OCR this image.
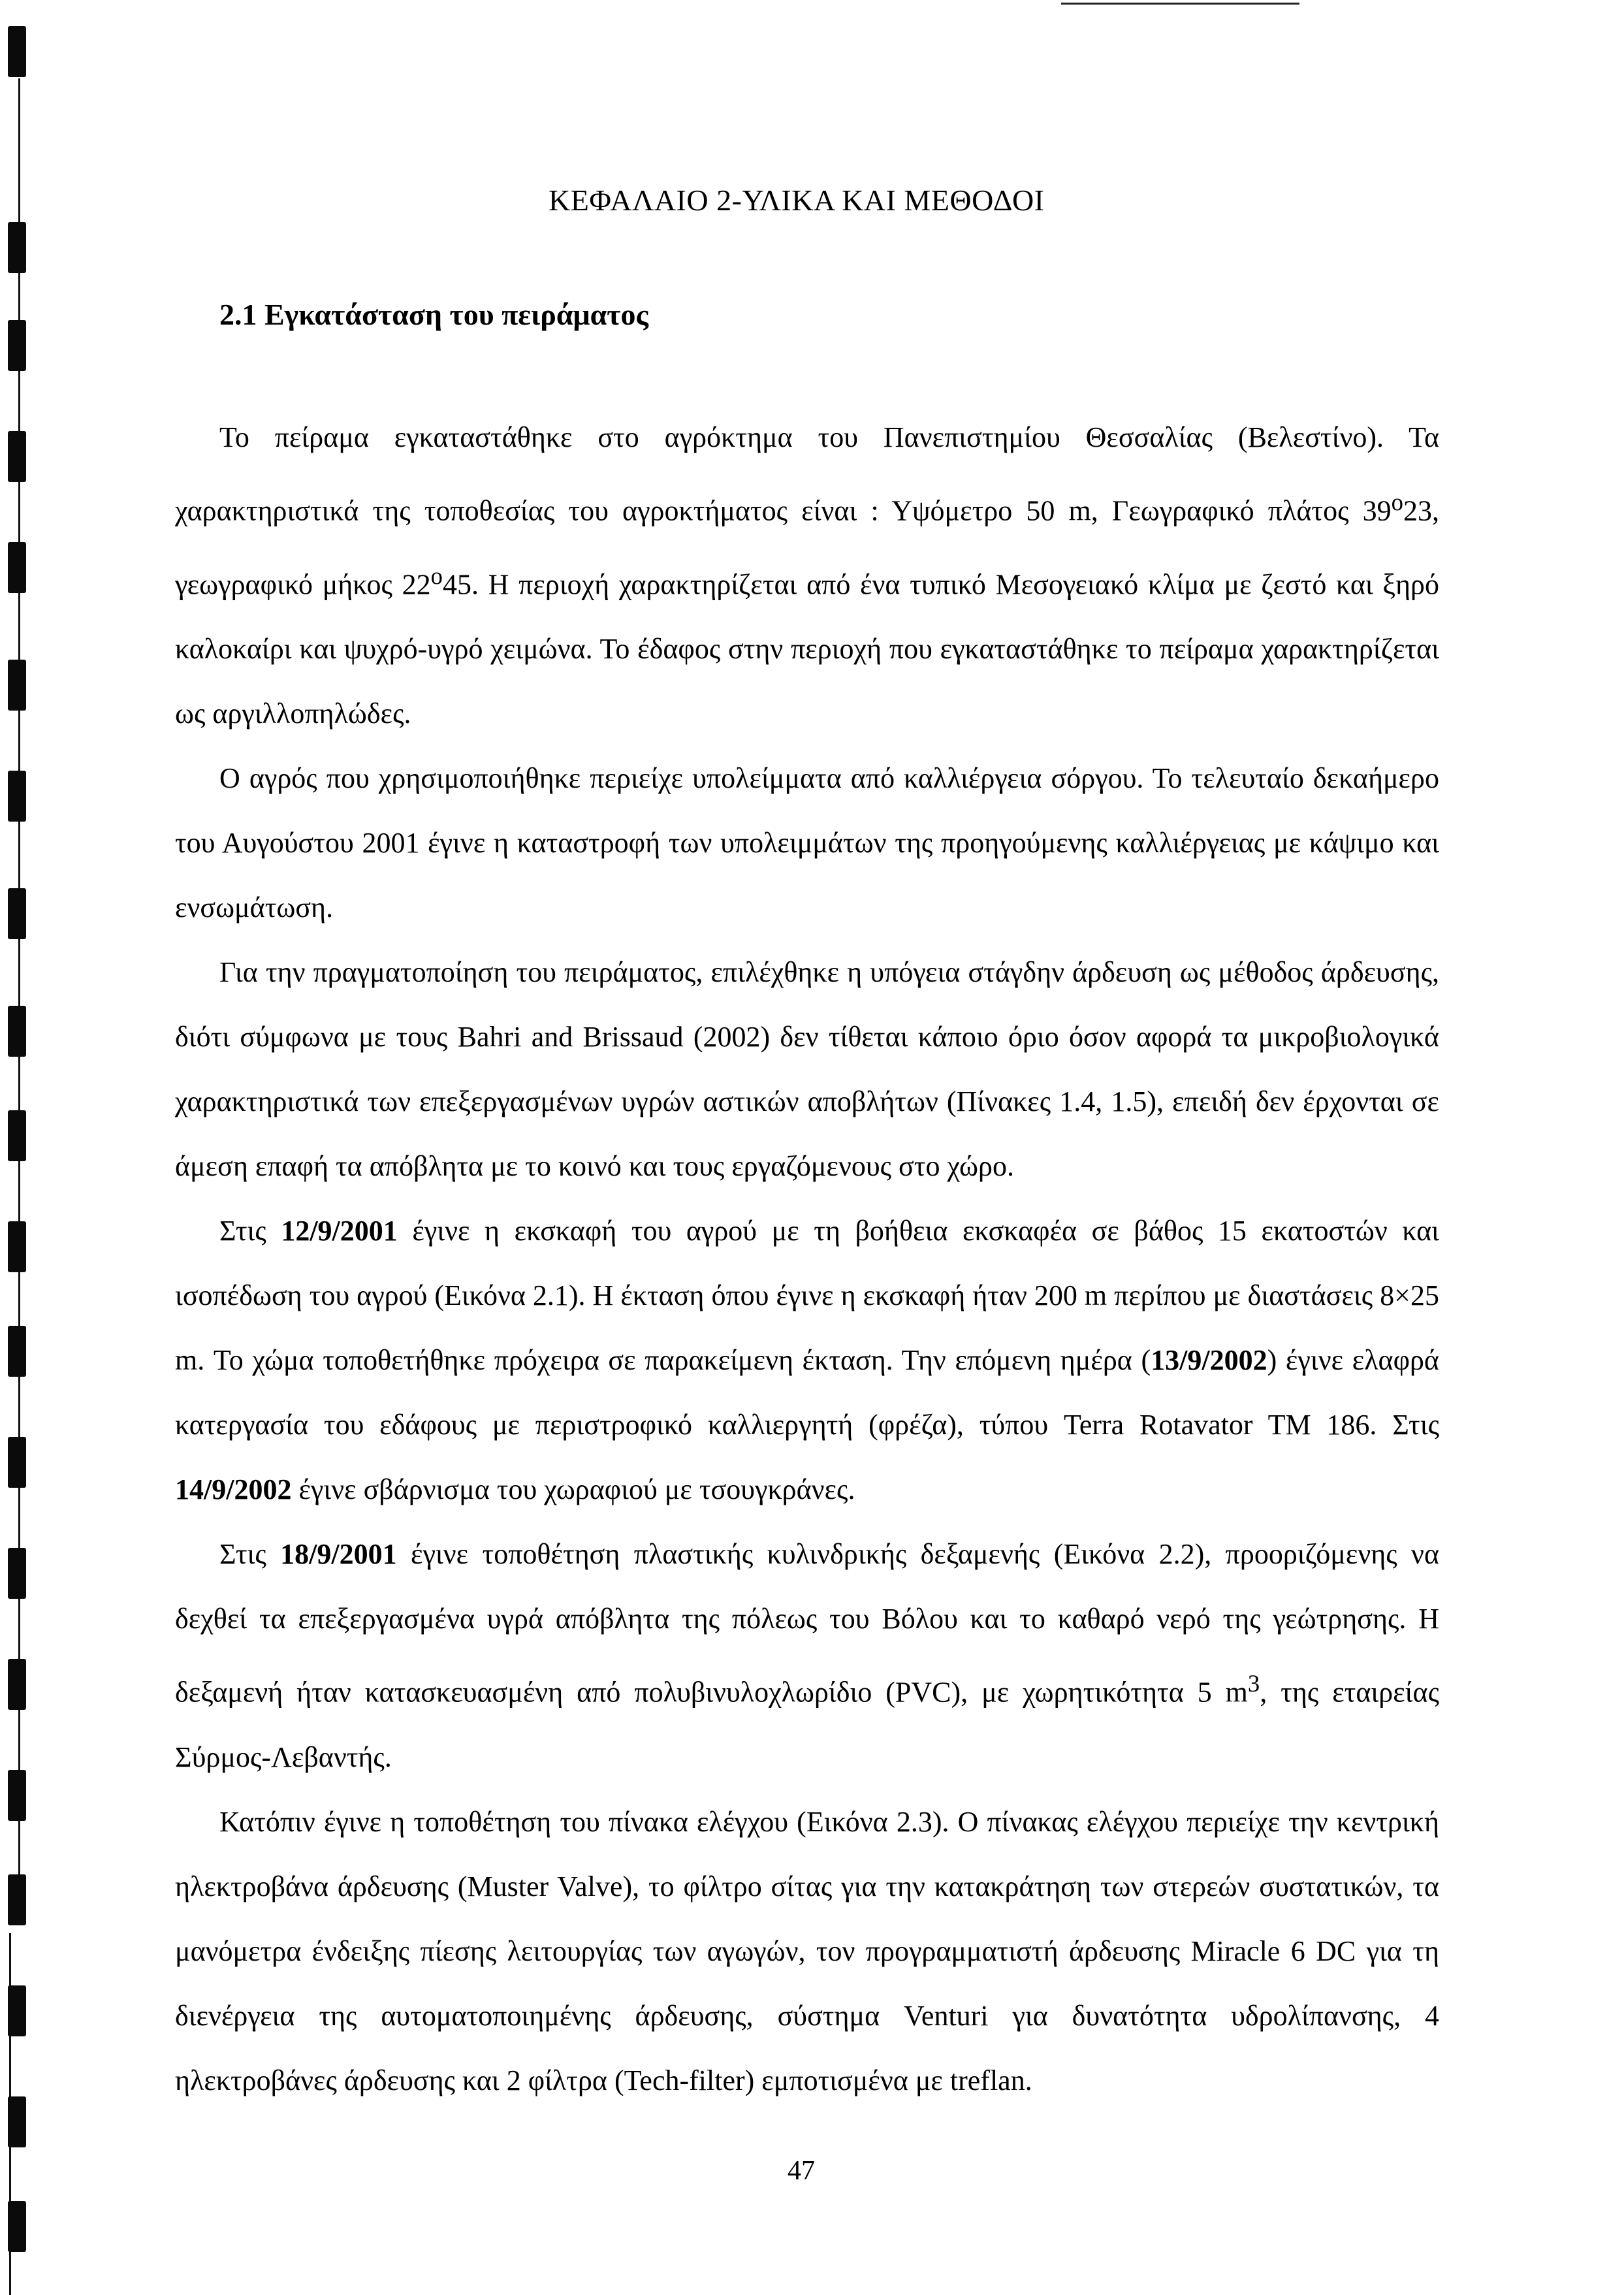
ΚΕΦΑΛΑΙΟ 2-ΥΛΙΚΑ ΚΑΙ ΜΕΘΟΔΟΙ
2.1 Εγκατάσταση του πειράματος

Το πείραμα εγκαταστάθηκε στο αγρόκτημα του Πανεπιστημίου Θεσσαλίας (Βελεστίνο). Τα χαρακτηριστικά της τοποθεσίας του αγροκτήματος είναι : Υψόμετρο 50 m, Γεωγραφικό πλάτος $39^o23$, γεωγραφικό μήκος $22^o45$. Η περιοχή χαρακτηρίζεται από ένα τυπικό Μεσογειακό κλίμα με ζεστό και ξηρό καλοκαίρι και ψυχρό-υγρό χειμώνα. Το έδαφος στην περιοχή που εγκαταστάθηκε το πείραμα χαρακτηρίζεται ως αργιλλοπηλώδες.

Ο αγρός που χρησιμοποιήθηκε περιείχε υπολείμματα από καλλιέργεια σόργου. Το τελευταίο δεκαήμερο του Αυγούστου 2001 έγινε η καταστροφή των υπολειμμάτων της προηγούμενης καλλιέργειας με κάψιμο και ενσωμάτωση.

Για την πραγματοποίηση του πειράματος, επιλέχθηκε η υπόγεια στάγδην άρδευση ως μέθοδος άρδευσης, διότι σύμφωνα με τους Bahri and Brissaud (2002) δεν τίθεται κάποιο όριο όσον αφορά τα μικροβιολογικά χαρακτηριστικά των επεξεργασμένων υγρών αστικών αποβλήτων (Πίνακες 1.4, 1.5), επειδή δεν έρχονται σε άμεση επαφή τα απόβλητα με το κοινό και τους εργαζόμενους στο χώρο.

Στις 12/9/2001 έγινε η εκσκαφή του αγρού με τη βοήθεια εκσκαφέα σε βάθος 15 εκατοστών και ισοπέδωση του αγρού (Εικόνα 2.1). Η έκταση όπου έγινε η εκσκαφή ήταν 200 m περίπου με διαστάσεις 8×25 m. Το χώμα τοποθετήθηκε πρόχειρα σε παρακείμενη έκταση. Την επόμενη ημέρα (13/9/2002) έγινε ελαφρά κατεργασία του εδάφους με περιστροφικό καλλιεργητή (φρέζα), τύπου Terra Rotavator TM 186. Στις 14/9/2002 έγινε σβάρνισμα του χωραφιού με τσουγκράνες.

Στις 18/9/2001 έγινε τοποθέτηση πλαστικής κυλινδρικής δεξαμενής (Εικόνα 2.2), προοριζόμενης να δεχθεί τα επεξεργασμένα υγρά απόβλητα της πόλεως του Βόλου και το καθαρό νερό της γεώτρησης. Η δεξαμενή ήταν κατασκευασμένη από πολυβινυλοχλωρίδιο (PVC), με χωρητικότητα 5 $m^3$, της εταιρείας Σύρμος-Λεβαντής.

Κατόπιν έγινε η τοποθέτηση του πίνακα ελέγχου (Εικόνα 2.3). Ο πίνακας ελέγχου περιείχε την κεντρική ηλεκτροβάνα άρδευσης (Muster Valve), το φίλτρο σίτας για την κατακράτηση των στερεών συστατικών, τα μανόμετρα ένδειξης πίεσης λειτουργίας των αγωγών, τον προγραμματιστή άρδευσης Miracle 6 DC για τη διενέργεια της αυτοματοποιημένης άρδευσης, σύστημα Venturi για δυνατότητα υδρολίπανσης, 4 ηλεκτροβάνες άρδευσης και 2 φίλτρα (Tech-filter) εμποτισμένα με treflan.

47
